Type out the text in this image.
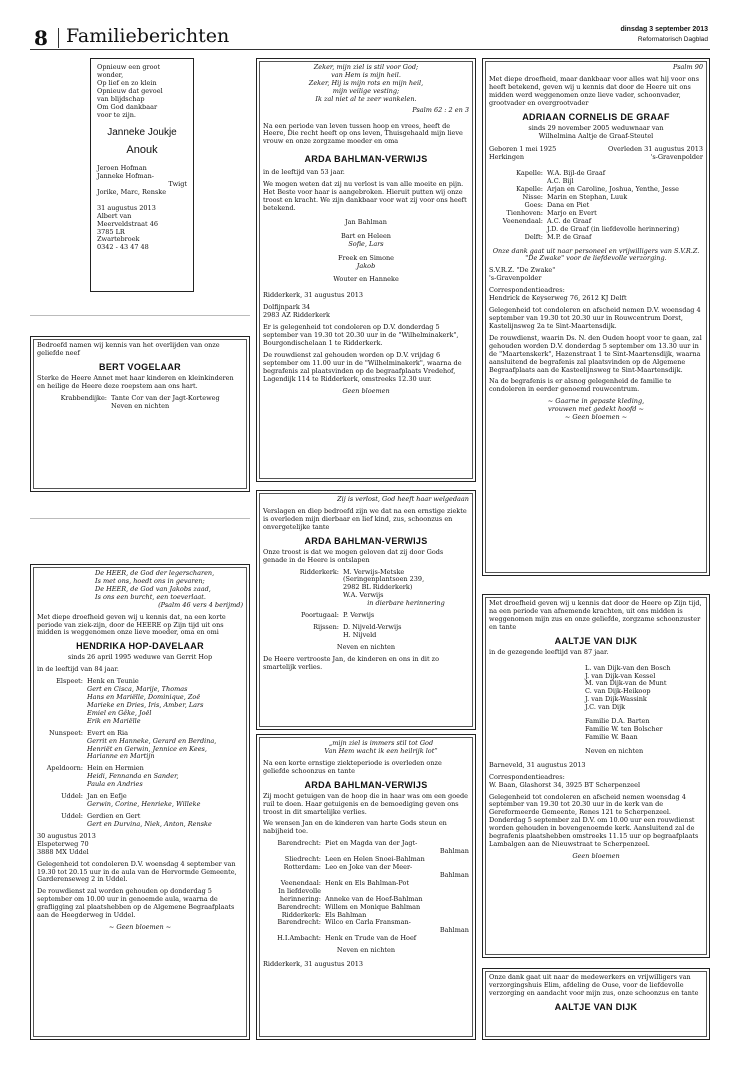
8 Familieberichten	dinsdag 3 september 2013
Reformatorisch Dagblad
Opnieuw een groot
wonder,
Op lief en zo klein
Opnieuw dat gevoel
van blijdschap
Om God dankbaar
voor te zijn.
Janneke Joukje
Anouk
Jeroen Hofman
Janneke Hofman-
Twigt
Jorike, Marc, Renske
31 augustus 2013
Albert van
Meerveldstraat 46
3785 LR
Zwartebroek
0342 - 43 47 48

Bedroefd namen wij kennis van het overlijden van onze geliefde neef

BERT VOGELAAR

Sterke de Heere Annet met haar kinderen en kleinkinderen en heilige de Heere deze roepstem aan ons hart.

Krabbendijke: Tante Cor van der Jagt-Korteweg
Neven en nichten
De HEER, de God der legerscharen,
Is met ons, hoedt ons in gevaren;
De HEER, de God van Jakobs zaad,
Is ons een burcht, een toeverlaat.

(Psalm 46 vers 4 berijmd)

Met diepe droefheid geven wij u kennis dat, na een korte periode van ziek-zijn, door de HEERE op Zijn tijd uit ons midden is weggenomen onze lieve moeder, oma en omi

HENDRIKA HOP-DAVELAAR

sinds 26 april 1995 weduwe van Gerrit Hop

in de leeftijd van 84 jaar.

Elspeet: Henk en Teunie
Gert en Cisca, Marije, Thomas
Hans en Mariëlle, Dominique, Zoë
Marieke en Dries, Iris, Amber, Lars
Emiel en Gêke, Joël
Erik en Mariëlle
Nunspeet: Evert en Ria
Gerrit en Hanneke, Gerard en Berdina,
Henriët en Gerwin, Jennice en Kees,
Harianne en Martijn
Apeldoorn: Hein en Hermien
Heidi, Fennanda en Sander,
Paula en Andries
Uddel: Jan en Eefje
Gerwin, Corine, Henrieke, Willeke
Uddel: Gerdien en Gert
Gert en Durvina, Niek, Anton, Renske
30 augustus 2013
Elspeterweg 70
3888 MX Uddel

Gelegenheid tot condoleren D.V. woensdag 4 september van 19.30 tot 20.15 uur in de aula van de Hervormde Gemeente, Garderenseweg 2 in Uddel.

De rouwdienst zal worden gehouden op donderdag 5 september om 10.00 uur in genoemde aula, waarna de grafligging zal plaatshebben op de Algemene Begraafplaats aan de Heegderweg in Uddel.

~ Geen bloemen ~

Zeker, mijn ziel is stil voor God;
van Hem is mijn heil.
Zeker, Hij is mijn rots en mijn heil,
mijn veilige vesting;
Ik zal niet al te zeer wankelen.

Psalm 62 : 2 en 3

Na een periode van leven tussen hoop en vrees, heeft de Heere, Die recht heeft op ons leven, Thuisgehaald mijn lieve vrouw en onze zorgzame moeder en oma

ARDA BAHLMAN-VERWIJS

in de leeftijd van 53 jaar.

We mogen weten dat zij nu verlost is van alle moeite en pijn. Het Beste voor haar is aangebroken. Hieruit putten wij onze troost en kracht. We zijn dankbaar voor wat zij voor ons heeft betekend.

Jan Bahlman
Bart en Heleen
Sofie, Lars
Freek en Simone
Jakob
Wouter en Hanneke

Ridderkerk, 31 augustus 2013

Dolfijnpark 34
2983 AZ Ridderkerk

Er is gelegenheid tot condoleren op D.V. donderdag 5 september van 19.30 tot 20.30 uur in de "Wilhelminakerk", Bourgondischelaan 1 te Ridderkerk.

De rouwdienst zal gehouden worden op D.V. vrijdag 6 september om 11.00 uur in de "Wilhelminakerk", waarna de begrafenis zal plaatsvinden op de begraafplaats Vredehof, Lagendijk 114 te Ridderkerk, omstreeks 12.30 uur.

Geen bloemen

Zij is verlost, God heeft haar welgedaan

Verslagen en diep bedroefd zijn we dat na een ernstige ziekte is overleden mijn dierbaar en lief kind, zus, schoonzus en onvergetelijke tante

ARDA BAHLMAN-VERWIJS

Onze troost is dat we mogen geloven dat zij door Gods genade in de Heere is ontslapen

Ridderkerk: M. Verwijs-Metske
(Seringenplantsoen 239,
2982 BL Ridderkerk)
W.A. Verwijs
in dierbare herinnering
Poortugaal: P. Verwijs
Rijssen: D. Nijveld-Verwijs
H. Nijveld

Neven en nichten

De Heere vertrooste Jan, de kinderen en ons in dit zo smartelijk verlies.

„mijn ziel is immers stil tot God
Van Hem wacht ik een heilrijk lot”

Na een korte ernstige ziekteperiode is overleden onze geliefde schoonzus en tante

ARDA BAHLMAN-VERWIJS

Zij mocht getuigen van de hoop die in haar was om een goede ruil te doen. Haar getuigenis en de bemoediging geven ons troost in dit smartelijke verlies.

We wensen Jan en de kinderen van harte Gods steun en nabijheid toe.

Barendrecht: Piet en Magda van der Jagt-
Bahlman
Sliedrecht: Leen en Helen Snoei-Bahlman
Rotterdam: Leo en Joke van der Meer-
Bahlman
Veenendaal: Henk en Els Bahlman-Pot
In liefdevolle
herinnering: Anneke van de Hoef-Bahlman
Barendrecht: Willem en Monique Bahlman
Ridderkerk: Els Bahlman
Barendrecht: Wilco en Carla Fransman-
Bahlman
H.I.Ambacht: Henk en Trude van de Hoef

Neven en nichten

Ridderkerk, 31 augustus 2013

Psalm 90

Met diepe droefheid, maar dankbaar voor alles wat hij voor ons heeft betekend, geven wij u kennis dat door de Heere uit ons midden werd weggenomen onze lieve vader, schoonvader, grootvader en overgrootvader

ADRIAAN CORNELIS DE GRAAF
sinds 29 november 2005 weduwnaar van

Wilhelmina Aaltje de Graaf-Steutel

Geboren 1 mei 1925
Herkingen
Overleden 31 augustus 2013
's-Gravenpolder
Kapelle: W.A. Bijl-de Graaf
A.C. Bijl
Kapelle: Arjan en Caroline, Joshua, Yenthe, Jesse
Nisse: Marin en Stephan, Luuk
Goes: Dana en Piet
Tienhoven: Marjo en Evert
Veenendaal: A.C. de Graaf
J.D. de Graaf (in liefdevolle herinnering)
Delft: M.P. de Graaf

Onze dank gaat uit naar personeel en vrijwilligers van S.V.R.Z. "De Zwake" voor de liefdevolle verzorging.

S.V.R.Z. "De Zwake"
's-Gravenpolder
Correspondentieadres:

Hendrick de Keyserweg 76, 2612 KJ Delft

Gelegenheid tot condoleren en afscheid nemen D.V. woensdag 4 september van 19.30 tot 20.30 uur in Rouwcentrum Dorst, Kastelijnsweg 2a te Sint-Maartensdijk.

De rouwdienst, waarin Ds. N. den Ouden hoopt voor te gaan, zal gehouden worden D.V. donderdag 5 september om 13.30 uur in de "Maartenskerk", Hazenstraat 1 te Sint-Maartensdijk, waarna aansluitend de begrafenis zal plaatsvinden op de Algemene Begraafplaats aan de Kasteelijnsweg te Sint-Maartensdijk.

Na de begrafenis is er alsnog gelegenheid de familie te condoleren in eerder genoemd rouwcentrum.

~ Gaarne in gepaste kleding,
vrouwen met gedekt hoofd ~
~ Geen bloemen ~

Met droefheid geven wij u kennis dat door de Heere op Zijn tijd, na een periode van afnemende krachten, uit ons midden is weggenomen mijn zus en onze geliefde, zorgzame schoonzuster en tante

AALTJE VAN DIJK

in de gezegende leeftijd van 87 jaar.

L. van Dijk-van den Bosch
J. van Dijk-van Kessel
M. van Dijk-van de Munt
C. van Dijk-Heikoop
J. van Dijk-Wassink
J.C. van Dijk
Familie D.A. Barten
Familie W. ten Bolscher
Familie W. Baan
Neven en nichten

Barneveld, 31 augustus 2013

Correspondentieadres:

W. Baan, Glashorst 34, 3925 BT Scherpenzeel

Gelegenheid tot condoleren en afscheid nemen woensdag 4 september van 19.30 tot 20.30 uur in de kerk van de Gereformeerde Gemeente, Renes 121 te Scherpenzeel.

Donderdag 5 september zal D.V. om 10.00 uur een rouwdienst worden gehouden in bovengenoemde kerk. Aansluitend zal de begrafenis plaatshebben omstreeks 11.15 uur op begraafplaats Lambalgen aan de Nieuwstraat te Scherpenzeel.

Geen bloemen

Onze dank gaat uit naar de medewerkers en vrijwilligers van verzorgingshuis Elim, afdeling de Ouse, voor de liefdevolle verzorging en aandacht voor mijn zus, onze schoonzus en tante

AALTJE VAN DIJK
